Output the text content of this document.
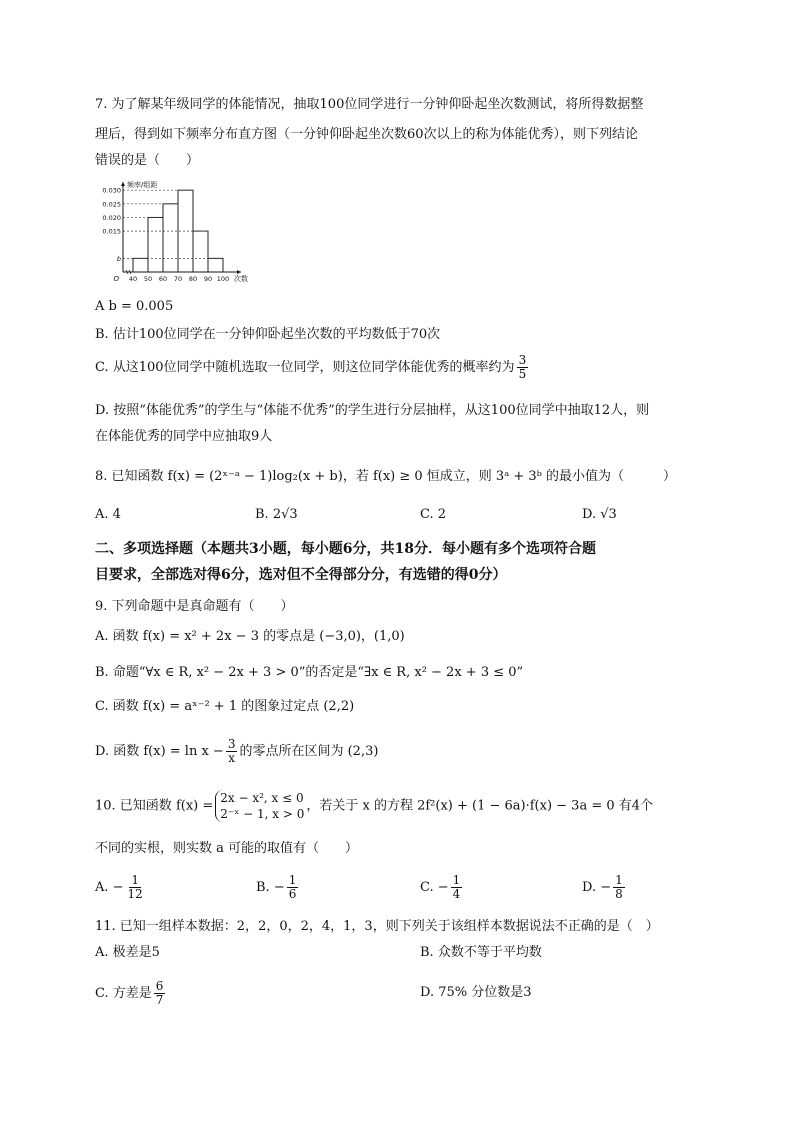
7. 为了解某年级同学的体能情况，抽取100位同学进行一分钟仰卧起坐次数测试，将所得数据整
理后，得到如下频率分布直方图（一分钟仰卧起坐次数60次以上的称为体能优秀），则下列结论
错误的是（　　）
0.030
0.025
0.020
0.015
b
频率/组距
O 40 50 60 70 80 90 100 次数
A b = 0.005
B. 估计100位同学在一分钟仰卧起坐次数的平均数低于70次
C. 从这100位同学中随机选取一位同学，则这位同学体能优秀的概率约为 $\frac{3}{5}$
D. 按照“体能优秀”的学生与“体能不优秀”的学生进行分层抽样，从这100位同学中抽取12人，则
在体能优秀的同学中应抽取9人
8. 已知函数 f(x) = (2ˣ⁻ᵃ − 1)log₂(x + b)，若 f(x) ≥ 0 恒成立，则 3ᵃ + 3ᵇ 的最小值为（　　　）
A. 4	B. 2√3	C. 2	D. √3
二、多项选择题（本题共3小题，每小题6分，共18分．每小题有多个选项符合题
目要求，全部选对得6分，选对但不全得部分分，有选错的得0分）
9. 下列命题中是真命题有（　　）
A. 函数 f(x) = x² + 2x − 3 的零点是 (−3,0)，(1,0)
B. 命题“∀x ∈ R, x² − 2x + 3 > 0”的否定是“∃x ∈ R, x² − 2x + 3 ≤ 0”
C. 函数 f(x) = aˣ⁻² + 1 的图象过定点 (2,2)
D. 函数 $f(x) = \ln x - \frac{3}{x}$ 的零点所在区间为 (2,3)
10. 已知函数 f(x) =
2x − x², x ≤ 0
2⁻ˣ − 1, x > 0
，若关于 x 的方程 2f²(x) + (1 − 6a)·f(x) − 3a = 0 有4个
不同的实根，则实数 a 可能的取值有（　　）
A. − $\frac{1}{12}$	B. − $\frac{1}{6}$	C. − $\frac{1}{4}$	D. − $\frac{1}{8}$
11. 已知一组样本数据：2，2，0，2，4，1，3，则下列关于该组样本数据说法不正确的是（　）
A. 极差是5	B. 众数不等于平均数
C. 方差是 $\frac{6}{7}$	D. 75% 分位数是3
